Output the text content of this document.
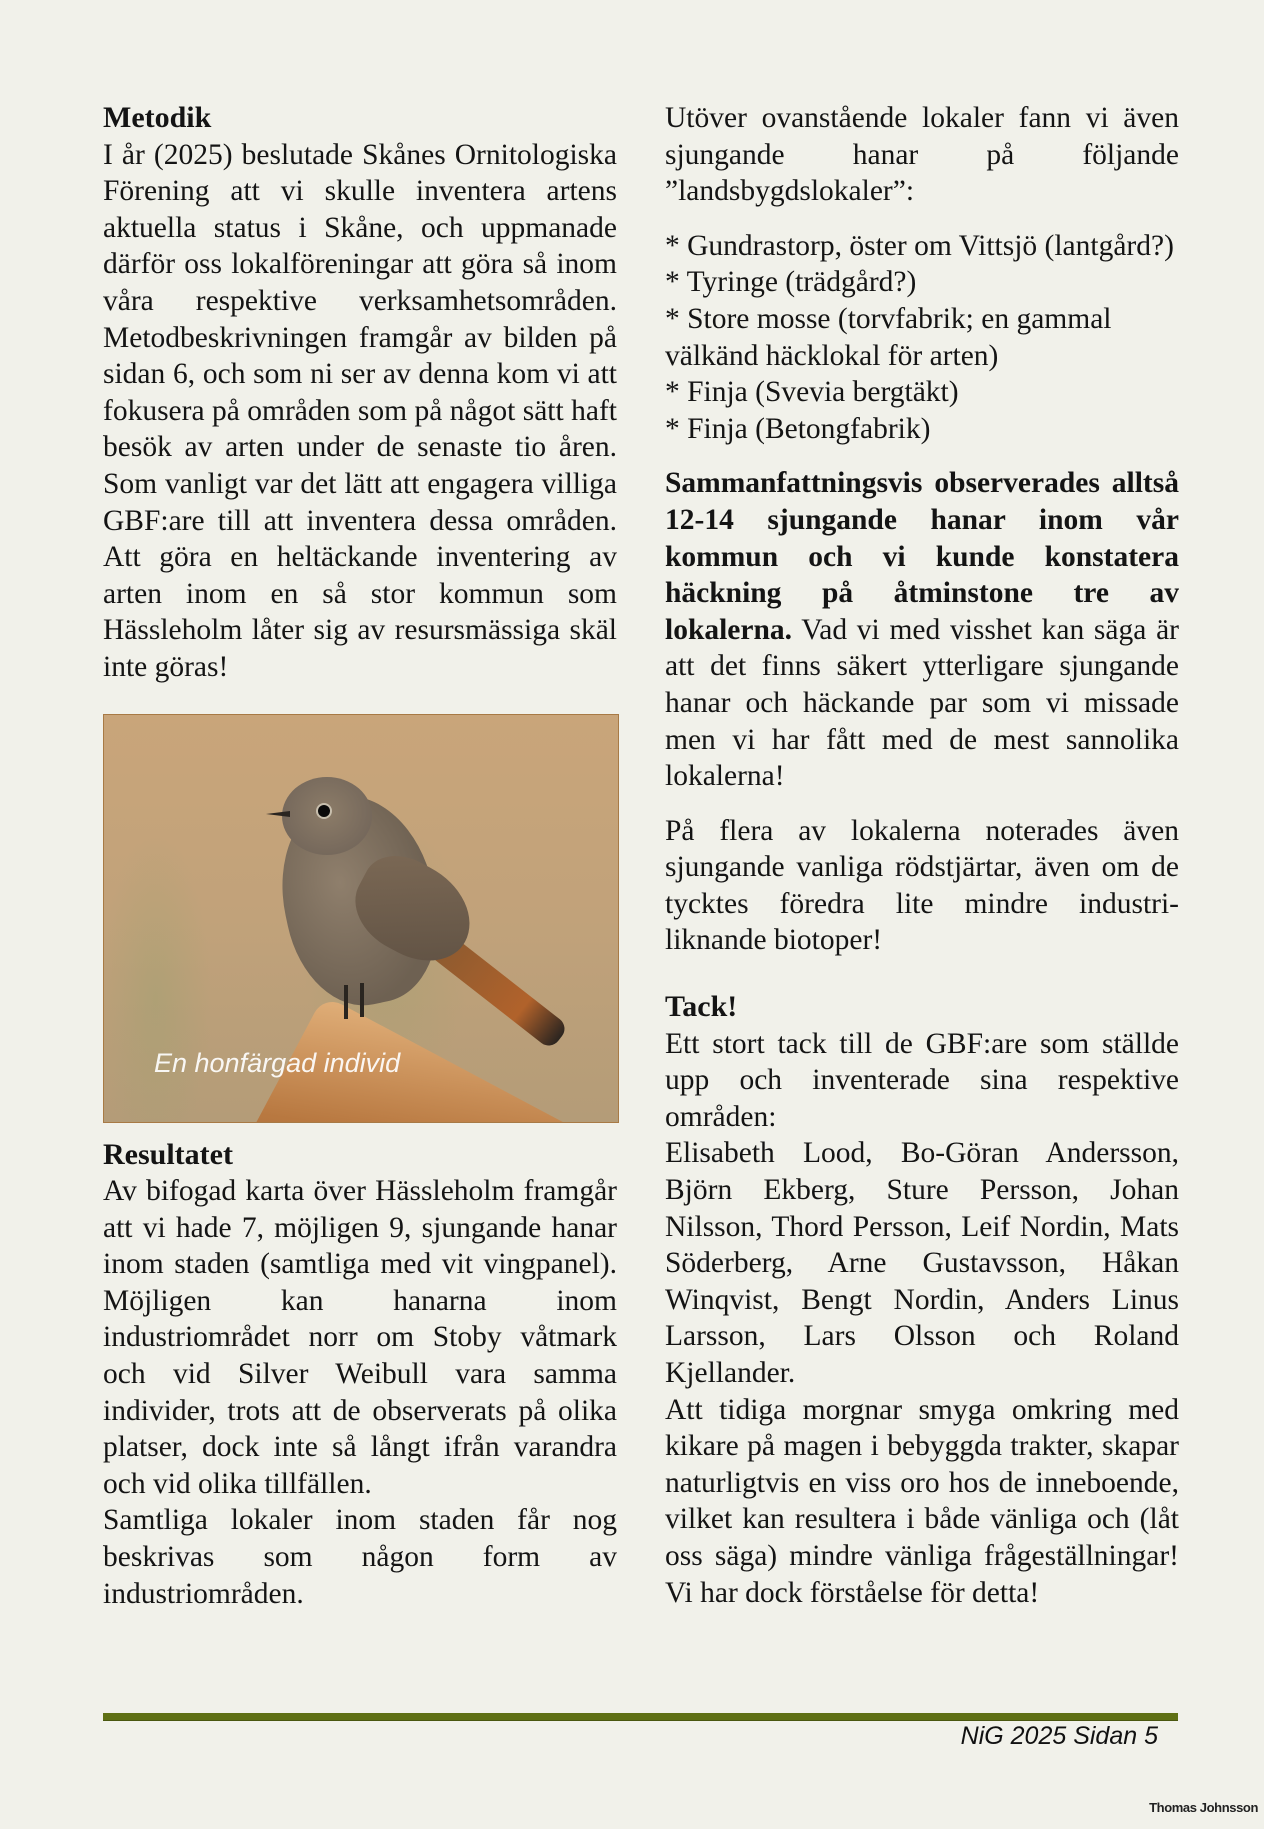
Metodik

I år (2025) beslutade Skånes Ornitologiska Förening att vi skulle inventera artens aktuella status i Skåne, och uppmanade därför oss lokalföreningar att göra så inom våra respektive verksamhetsområden. Metodbeskrivningen framgår av bilden på sidan 6, och som ni ser av denna kom vi att fokusera på områden som på något sätt haft besök av arten under de senaste tio åren. Som vanligt var det lätt att engagera villiga GBF:are till att inventera dessa områden. Att göra en heltäckande inventering av arten inom en så stor kommun som Hässleholm låter sig av resursmässiga skäl inte göras!

En honfärgad individ
Resultatet

Av bifogad karta över Hässleholm framgår att vi hade 7, möjligen 9, sjungande hanar inom staden (samtliga med vit vingpanel). Möjligen kan hanarna inom industriområdet norr om Stoby våtmark och vid Silver Weibull vara samma individer, trots att de observerats på olika platser, dock inte så långt ifrån varandra och vid olika tillfällen.

Samtliga lokaler inom staden får nog beskrivas som någon form av industriområden.

Utöver ovanstående lokaler fann vi även sjungande hanar på följande ”landsbygdslokaler”:

* Gundrastorp, öster om Vittsjö (lantgård?)

* Tyringe (trädgård?)

* Store mosse (torvfabrik; en gammal välkänd häcklokal för arten)

* Finja (Svevia bergtäkt)

* Finja (Betongfabrik)

Sammanfattningsvis observerades alltså 12-14 sjungande hanar inom vår kommun och vi kunde konstatera häckning på åtminstone tre av lokalerna. Vad vi med visshet kan säga är att det finns säkert ytterligare sjungande hanar och häckande par som vi missade men vi har fått med de mest sannolika lokalerna!

På flera av lokalerna noterades även sjungande vanliga rödstjärtar, även om de tycktes föredra lite mindre industri-liknande biotoper!

Tack!

Ett stort tack till de GBF:are som ställde upp och inventerade sina respektive områden:

Elisabeth Lood, Bo-Göran Andersson, Björn Ekberg, Sture Persson, Johan Nilsson, Thord Persson, Leif Nordin, Mats Söderberg, Arne Gustavsson, Håkan Winqvist, Bengt Nordin, Anders Linus Larsson, Lars Olsson och Roland Kjellander.

Att tidiga morgnar smyga omkring med kikare på magen i bebyggda trakter, skapar naturligtvis en viss oro hos de inneboende, vilket kan resultera i både vänliga och (låt oss säga) mindre vänliga frågeställningar! Vi har dock förståelse för detta!

NiG 2025 Sidan 5
Thomas Johnsson
